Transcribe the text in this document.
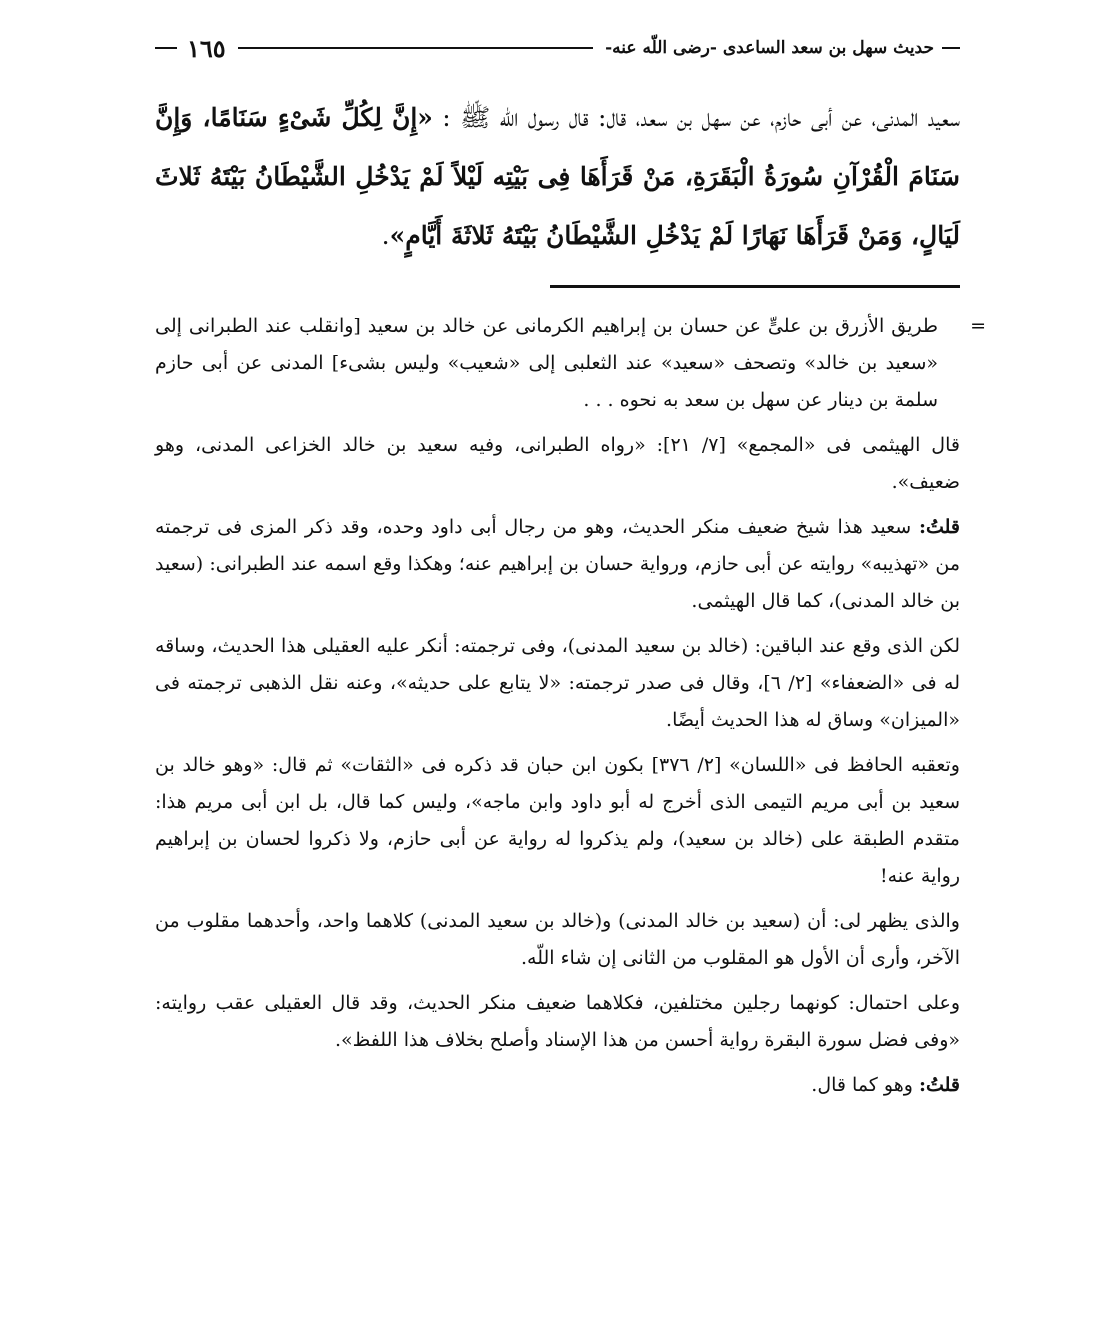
حديث سهل بن سعد الساعدى -رضى اللّه عنه-
١٦٥
سعيد المدنى، عن أبى حازم، عن سهل بن سعد، قال: قال رسول اللّه ﷺ : «إِنَّ لِكُلِّ شَىْءٍ سَنَامًا، وَإِنَّ سَنَامَ الْقُرْآنِ سُورَةُ الْبَقَرَةِ، مَنْ قَرَأَهَا فِى بَيْتِه لَيْلاً لَمْ يَدْخُلِ الشَّيْطَانُ بَيْتَهُ ثَلاثَ لَيَالٍ، وَمَنْ قَرَأَهَا نَهَارًا لَمْ يَدْخُلِ الشَّيْطَانُ بَيْتَهُ ثَلاثَةَ أَيَّامٍ».

=
طريق الأزرق بن علىٍّ عن حسان بن إبراهيم الكرمانى عن خالد بن سعيد [وانقلب عند الطبرانى إلى «سعيد بن خالد» وتصحف «سعيد» عند الثعلبى إلى «شعيب» وليس بشىء] المدنى عن أبى حازم سلمة بن دينار عن سهل بن سعد به نحوه . . .

قال الهيثمى فى «المجمع» [٧/ ٢١]: «رواه الطبرانى، وفيه سعيد بن خالد الخزاعى المدنى، وهو ضعيف».

قلتُ: سعيد هذا شيخ ضعيف منكر الحديث، وهو من رجال أبى داود وحده، وقد ذكر المزى فى ترجمته من «تهذيبه» روايته عن أبى حازم، ورواية حسان بن إبراهيم عنه؛ وهكذا وقع اسمه عند الطبرانى: (سعيد بن خالد المدنى)، كما قال الهيثمى.

لكن الذى وقع عند الباقين: (خالد بن سعيد المدنى)، وفى ترجمته: أنكر عليه العقيلى هذا الحديث، وساقه له فى «الضعفاء» [٢/ ٦]، وقال فى صدر ترجمته: «لا يتابع على حديثه»، وعنه نقل الذهبى ترجمته فى «الميزان» وساق له هذا الحديث أيضًا.

وتعقبه الحافظ فى «اللسان» [٢/ ٣٧٦] بكون ابن حبان قد ذكره فى «الثقات» ثم قال: «وهو خالد بن سعيد بن أبى مريم التيمى الذى أخرج له أبو داود وابن ماجه»، وليس كما قال، بل ابن أبى مريم هذا: متقدم الطبقة على (خالد بن سعيد)، ولم يذكروا له رواية عن أبى حازم، ولا ذكروا لحسان بن إبراهيم رواية عنه!

والذى يظهر لى: أن (سعيد بن خالد المدنى) و(خالد بن سعيد المدنى) كلاهما واحد، وأحدهما مقلوب من الآخر، وأرى أن الأول هو المقلوب من الثانى إن شاء اللّه.

وعلى احتمال: كونهما رجلين مختلفين، فكلاهما ضعيف منكر الحديث، وقد قال العقيلى عقب روايته: «وفى فضل سورة البقرة رواية أحسن من هذا الإسناد وأصلح بخلاف هذا اللفظ».

قلتُ: وهو كما قال.
